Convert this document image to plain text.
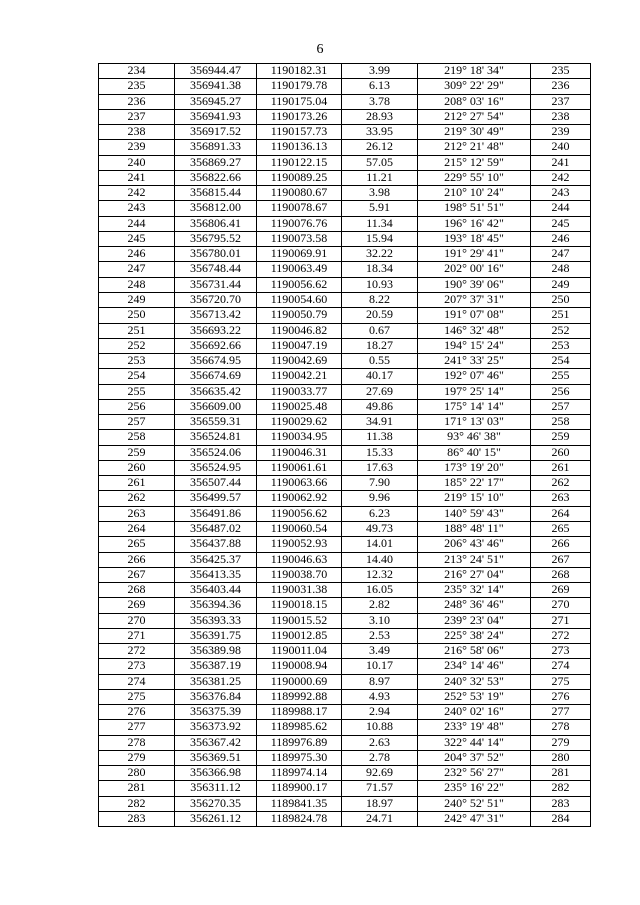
6
234	356944.47	1190182.31	3.99	219° 18' 34"	235
235	356941.38	1190179.78	6.13	309° 22' 29"	236
236	356945.27	1190175.04	3.78	208° 03' 16"	237
237	356941.93	1190173.26	28.93	212° 27' 54"	238
238	356917.52	1190157.73	33.95	219° 30' 49"	239
239	356891.33	1190136.13	26.12	212° 21' 48"	240
240	356869.27	1190122.15	57.05	215° 12' 59"	241
241	356822.66	1190089.25	11.21	229° 55' 10"	242
242	356815.44	1190080.67	3.98	210° 10' 24"	243
243	356812.00	1190078.67	5.91	198° 51' 51"	244
244	356806.41	1190076.76	11.34	196° 16' 42"	245
245	356795.52	1190073.58	15.94	193° 18' 45"	246
246	356780.01	1190069.91	32.22	191° 29' 41"	247
247	356748.44	1190063.49	18.34	202° 00' 16"	248
248	356731.44	1190056.62	10.93	190° 39' 06"	249
249	356720.70	1190054.60	8.22	207° 37' 31"	250
250	356713.42	1190050.79	20.59	191° 07' 08"	251
251	356693.22	1190046.82	0.67	146° 32' 48"	252
252	356692.66	1190047.19	18.27	194° 15' 24"	253
253	356674.95	1190042.69	0.55	241° 33' 25"	254
254	356674.69	1190042.21	40.17	192° 07' 46"	255
255	356635.42	1190033.77	27.69	197° 25' 14"	256
256	356609.00	1190025.48	49.86	175° 14' 14"	257
257	356559.31	1190029.62	34.91	171° 13' 03"	258
258	356524.81	1190034.95	11.38	93° 46' 38"	259
259	356524.06	1190046.31	15.33	86° 40' 15"	260
260	356524.95	1190061.61	17.63	173° 19' 20"	261
261	356507.44	1190063.66	7.90	185° 22' 17"	262
262	356499.57	1190062.92	9.96	219° 15' 10"	263
263	356491.86	1190056.62	6.23	140° 59' 43"	264
264	356487.02	1190060.54	49.73	188° 48' 11"	265
265	356437.88	1190052.93	14.01	206° 43' 46"	266
266	356425.37	1190046.63	14.40	213° 24' 51"	267
267	356413.35	1190038.70	12.32	216° 27' 04"	268
268	356403.44	1190031.38	16.05	235° 32' 14"	269
269	356394.36	1190018.15	2.82	248° 36' 46"	270
270	356393.33	1190015.52	3.10	239° 23' 04"	271
271	356391.75	1190012.85	2.53	225° 38' 24"	272
272	356389.98	1190011.04	3.49	216° 58' 06"	273
273	356387.19	1190008.94	10.17	234° 14' 46"	274
274	356381.25	1190000.69	8.97	240° 32' 53"	275
275	356376.84	1189992.88	4.93	252° 53' 19"	276
276	356375.39	1189988.17	2.94	240° 02' 16"	277
277	356373.92	1189985.62	10.88	233° 19' 48"	278
278	356367.42	1189976.89	2.63	322° 44' 14"	279
279	356369.51	1189975.30	2.78	204° 37' 52"	280
280	356366.98	1189974.14	92.69	232° 56' 27"	281
281	356311.12	1189900.17	71.57	235° 16' 22"	282
282	356270.35	1189841.35	18.97	240° 52' 51"	283
283	356261.12	1189824.78	24.71	242° 47' 31"	284
